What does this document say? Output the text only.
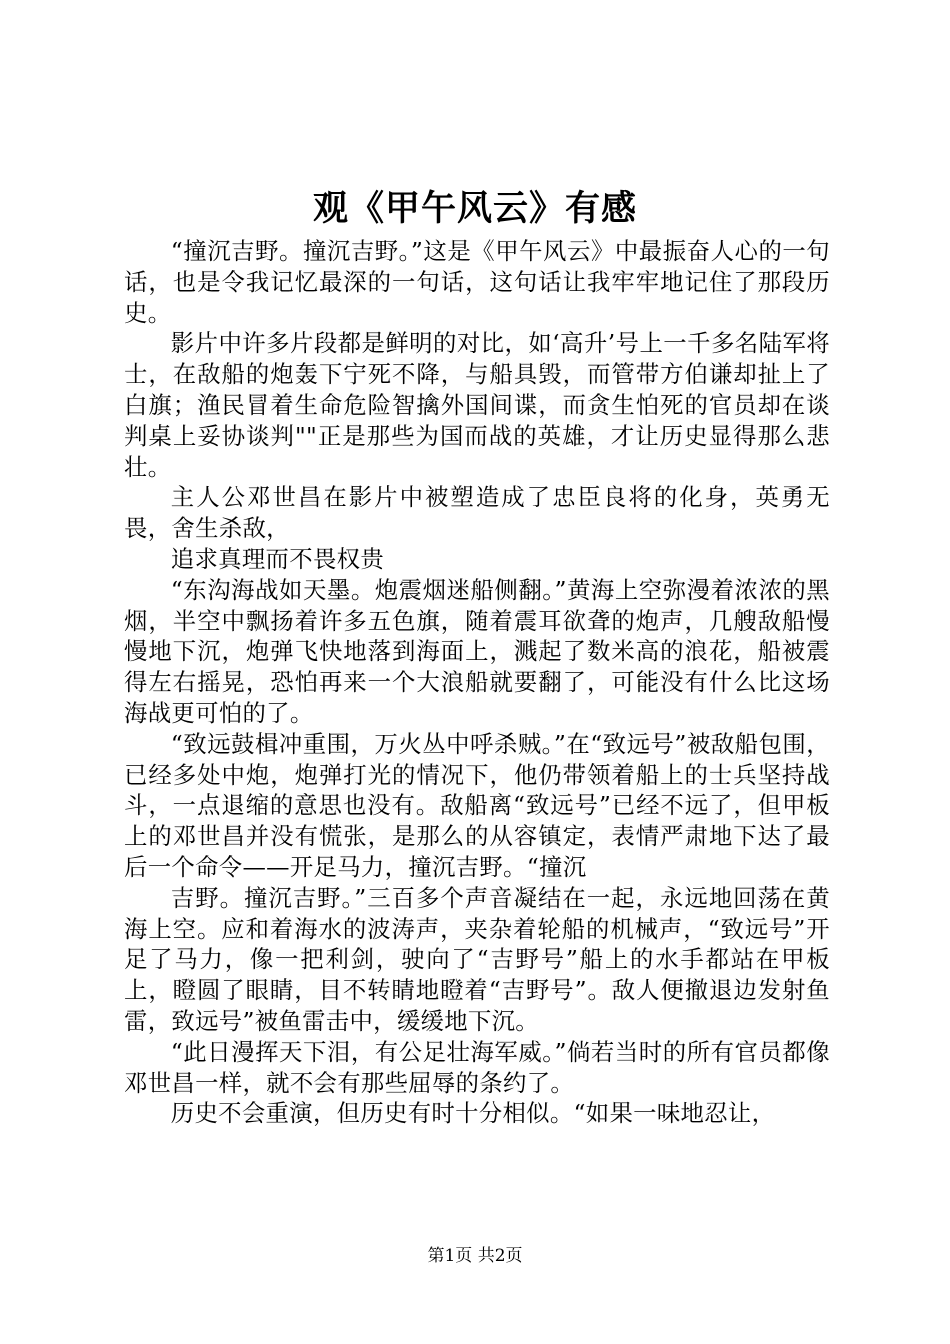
观《甲午风云》有感

“撞沉吉野。撞沉吉野。”这是《甲午风云》中最振奋人心的一句话，也是令我记忆最深的一句话，这句话让我牢牢地记住了那段历史。

影片中许多片段都是鲜明的对比，如‘高升’号上一千多名陆军将士，在敌船的炮轰下宁死不降，与船具毁，而管带方伯谦却扯上了白旗；渔民冒着生命危险智擒外国间谍，而贪生怕死的官员却在谈判桌上妥协谈判""正是那些为国而战的英雄，才让历史显得那么悲壮。

主人公邓世昌在影片中被塑造成了忠臣良将的化身，英勇无畏，舍生杀敌，

追求真理而不畏权贵

“东沟海战如天墨。炮震烟迷船侧翻。”黄海上空弥漫着浓浓的黑烟，半空中飘扬着许多五色旗，随着震耳欲聋的炮声，几艘敌船慢慢地下沉，炮弹飞快地落到海面上，溅起了数米高的浪花，船被震得左右摇晃，恐怕再来一个大浪船就要翻了，可能没有什么比这场海战更可怕的了。

“致远鼓楫冲重围，万火丛中呼杀贼。”在“致远号”被敌船包围，已经多处中炮，炮弹打光的情况下，他仍带领着船上的士兵坚持战斗，一点退缩的意思也没有。敌船离“致远号”已经不远了，但甲板上的邓世昌并没有慌张，是那么的从容镇定，表情严肃地下达了最后一个命令——开足马力，撞沉吉野。“撞沉

吉野。撞沉吉野。”三百多个声音凝结在一起，永远地回荡在黄海上空。应和着海水的波涛声，夹杂着轮船的机械声，“致远号”开足了马力，像一把利剑，驶向了“吉野号”船上的水手都站在甲板上，瞪圆了眼睛，目不转睛地瞪着“吉野号”。敌人便撤退边发射鱼雷，致远号”被鱼雷击中，缓缓地下沉。

“此日漫挥天下泪，有公足壮海军威。”倘若当时的所有官员都像邓世昌一样，就不会有那些屈辱的条约了。

历史不会重演，但历史有时十分相似。“如果一味地忍让，

第1页 共2页
